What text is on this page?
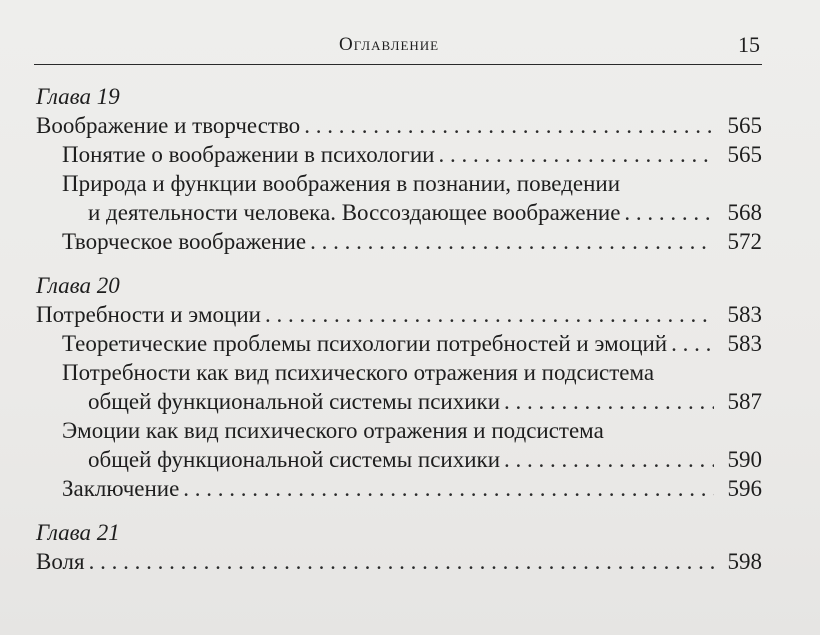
Оглавление	15
Глава 19
Воображение и творчество . . .	565
Понятие о воображении в психологии . . .	565
Природа и функции воображения в познании, поведении
и деятельности человека. Воссоздающее воображение . . .	568
Творческое воображение . . .	572
Глава 20
Потребности и эмоции . . .	583
Теоретические проблемы психологии потребностей и эмоций . . .	583
Потребности как вид психического отражения и подсистема
общей функциональной системы психики . . .	587
Эмоции как вид психического отражения и подсистема
общей функциональной системы психики . . .	590
Заключение . . .	596
Глава 21
Воля . . .	598
